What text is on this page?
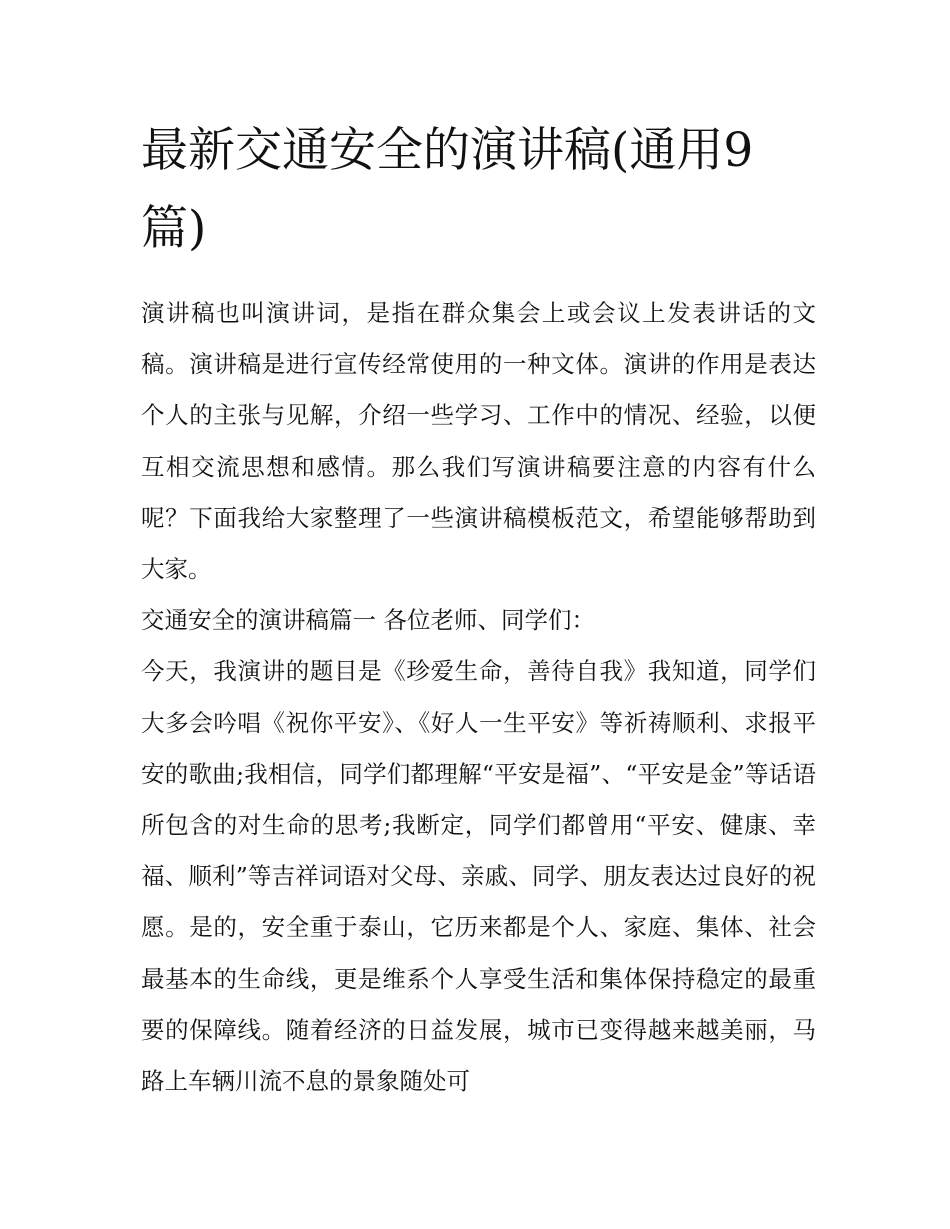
最新交通安全的演讲稿(通用9篇)

演讲稿也叫演讲词，是指在群众集会上或会议上发表讲话的文稿。演讲稿是进行宣传经常使用的一种文体。演讲的作用是表达个人的主张与见解，介绍一些学习、工作中的情况、经验，以便互相交流思想和感情。那么我们写演讲稿要注意的内容有什么呢？下面我给大家整理了一些演讲稿模板范文，希望能够帮助到大家。

交通安全的演讲稿篇一 各位老师、同学们：

今天，我演讲的题目是《珍爱生命，善待自我》我知道，同学们大多会吟唱《祝你平安》、《好人一生平安》等祈祷顺利、求报平安的歌曲;我相信，同学们都理解“平安是福”、“平安是金”等话语所包含的对生命的思考;我断定，同学们都曾用“平安、健康、幸福、顺利”等吉祥词语对父母、亲戚、同学、朋友表达过良好的祝愿。是的，安全重于泰山，它历来都是个人、家庭、集体、社会最基本的生命线，更是维系个人享受生活和集体保持稳定的最重要的保障线。随着经济的日益发展，城市已变得越来越美丽，马路上车辆川流不息的景象随处可
